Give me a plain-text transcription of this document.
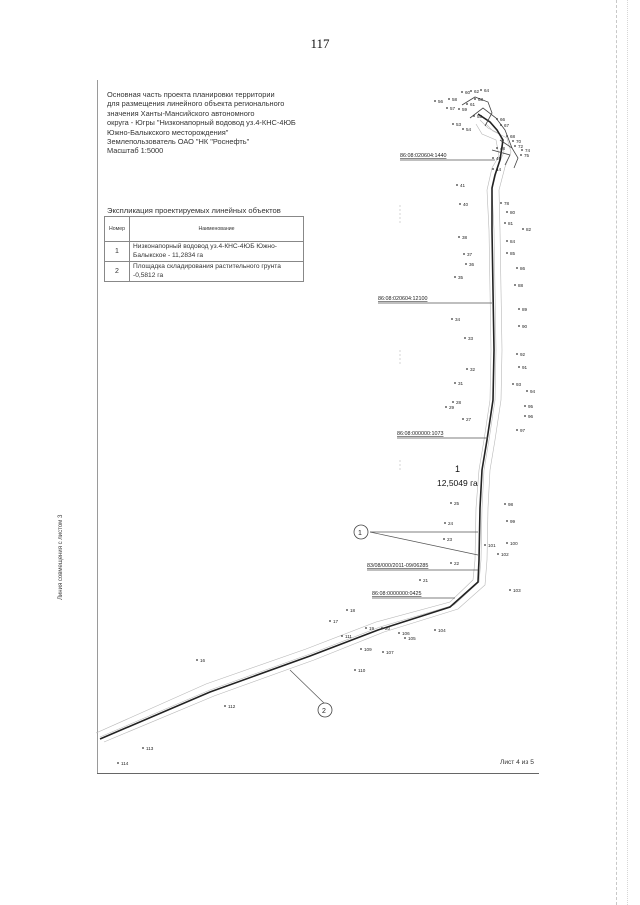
117
Основная часть проекта планировки территории
для размещения линейного объекта регионального
значения Ханты-Мансийского автономного
округа - Югры "Низконапорный водовод уз.4-КНС-4ЮБ
Южно-Балыкского месторождения"
Землепользователь ОАО "НК "Роснефть"
Масштаб 1:5000
Экспликация проектируемых линейных объектов
Номер	Наименование
1	Низконапорный водовод уз.4-КНС-4ЮБ Южно-Балыкское - 11,2834 га
2	Площадка складирования растительного грунта -0,5812 га
86:08:020604:1440
86:08:020604:12100
86:08:000000:1073
83/08/000/2011-09/06285
86:08:0000000:0425
1
12,5049 га
1
2
56 58
60 62 64
57 59
61
63
55
53
54
66
67
68
70
72
74
75
48
46
44
41
40	78
80
81
82
38
84
37
36
85
35
86
88
34
89
90
33
92
32	91
31	93
94
29
28
27
95
96
97
25
24
98
99
23
100
101
102
22
103
21
104
20
19
18
17
105
106
107
109
111
110
16
112
113
114
Линия совмещения с листом 3
Лист 4 из 5
